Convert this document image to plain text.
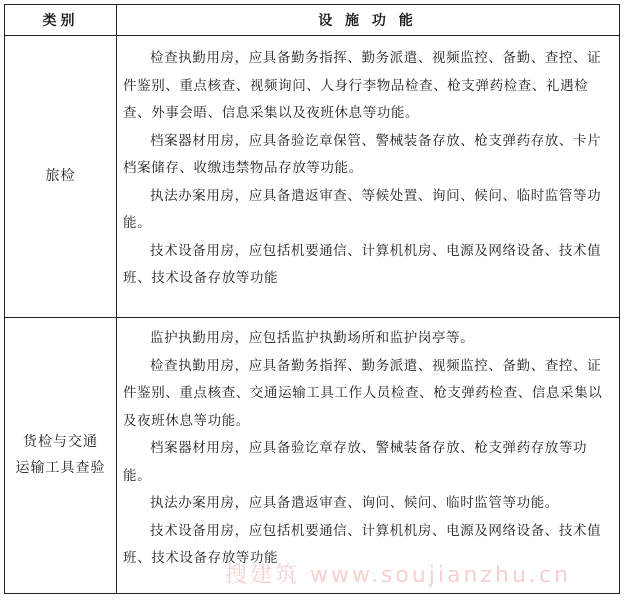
类别	设 施 功 能
旅检

检查执勤用房，应具备勤务指挥、勤务派遣、视频监控、备勤、查控、证件鉴别、重点核查、视频询问、人身行李物品检查、枪支弹药检查、礼遇检查、外事会晤、信息采集以及夜班休息等功能。

档案器材用房，应具备验讫章保管、警械装备存放、枪支弹药存放、卡片档案储存、收缴违禁物品存放等功能。

执法办案用房，应具备遣返审查、等候处置、询问、候问、临时监管等功能。

技术设备用房，应包括机要通信、计算机机房、电源及网络设备、技术值班、技术设备存放等功能

货检与交通
运输工具查验

监护执勤用房，应包括监护执勤场所和监护岗亭等。

检查执勤用房，应具备勤务指挥、勤务派遣、视频监控、备勤、查控、证件鉴别、重点核查、交通运输工具工作人员检查、枪支弹药检查、信息采集以及夜班休息等功能。

档案器材用房，应具备验讫章存放、警械装备存放、枪支弹药存放等功能。

执法办案用房，应具备遣返审查、询问、候问、临时监管等功能。

技术设备用房，应包括机要通信、计算机机房、电源及网络设备、技术值班、技术设备存放等功能

搜建筑 www.soujianzhu.cn
